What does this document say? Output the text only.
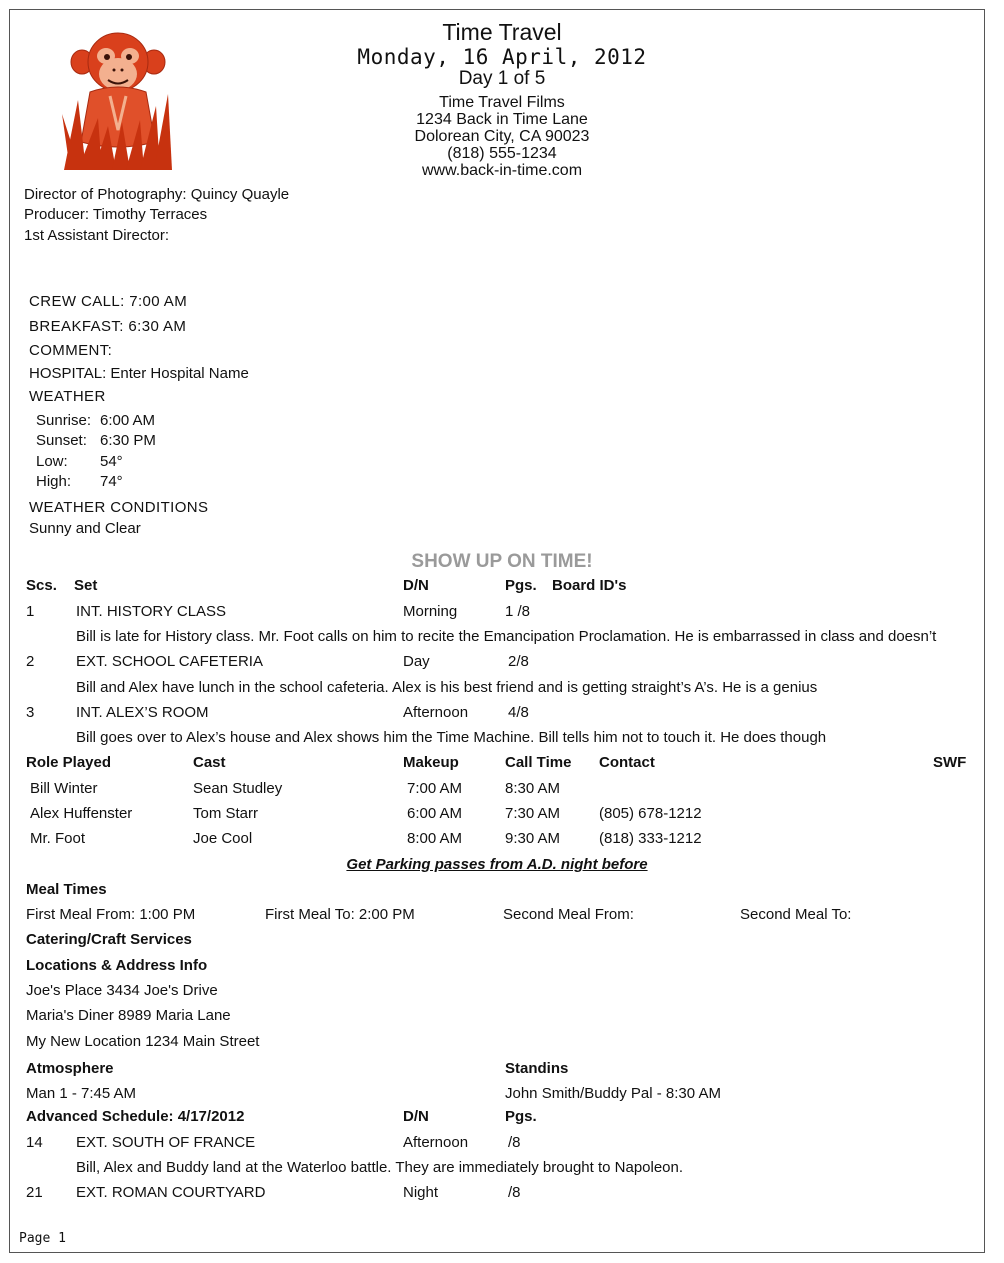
Time Travel
Monday, 16 April, 2012
Day 1 of 5
Time Travel Films
1234 Back in Time Lane
Dolorean City, CA 90023
(818) 555-1234
www.back-in-time.com
Director of Photography: Quincy Quayle
Producer: Timothy Terraces
1st Assistant Director:
CREW CALL: 7:00 AM
BREAKFAST: 6:30 AM
COMMENT:
HOSPITAL: Enter Hospital Name
WEATHER
Sunrise: 6:00 AM
Sunset: 6:30 PM
Low: 54°
High: 74°
WEATHER CONDITIONS
Sunny and Clear
SHOW UP ON TIME!
Scs. Set	D/N	Pgs. Board ID's
1	INT. HISTORY CLASS	Morning	1 /8
Bill is late for History class. Mr. Foot calls on him to recite the Emancipation Proclamation. He is embarrassed in class and doesn’t
2	EXT. SCHOOL CAFETERIA	Day	2/8
Bill and Alex have lunch in the school cafeteria. Alex is his best friend and is getting straight’s A’s. He is a genius
3	INT. ALEX’S ROOM	Afternoon	4/8
Bill goes over to Alex’s house and Alex shows him the Time Machine. Bill tells him not to touch it. He does though
Role Played	Cast	Makeup	Call Time Contact	SWF
Bill Winter	Sean Studley	7:00 AM	8:30 AM
Alex Huffenster	Tom Starr	6:00 AM	7:30 AM	(805) 678-1212
Mr. Foot	Joe Cool	8:00 AM	9:30 AM	(818) 333-1212
Get Parking passes from A.D. night before
Meal Times
First Meal From: 1:00 PM	First Meal To: 2:00 PM	Second Meal From:	Second Meal To:
Catering/Craft Services
Locations & Address Info
Joe's Place 3434 Joe's Drive
Maria's Diner 8989 Maria Lane
My New Location 1234 Main Street
Atmosphere	Standins
Man 1 - 7:45 AM	John Smith/Buddy Pal - 8:30 AM
Advanced Schedule: 4/17/2012	D/N	Pgs.
14 EXT. SOUTH OF FRANCE	Afternoon	/8
Bill, Alex and Buddy land at the Waterloo battle. They are immediately brought to Napoleon.
21 EXT. ROMAN COURTYARD	Night	/8
Page 1
